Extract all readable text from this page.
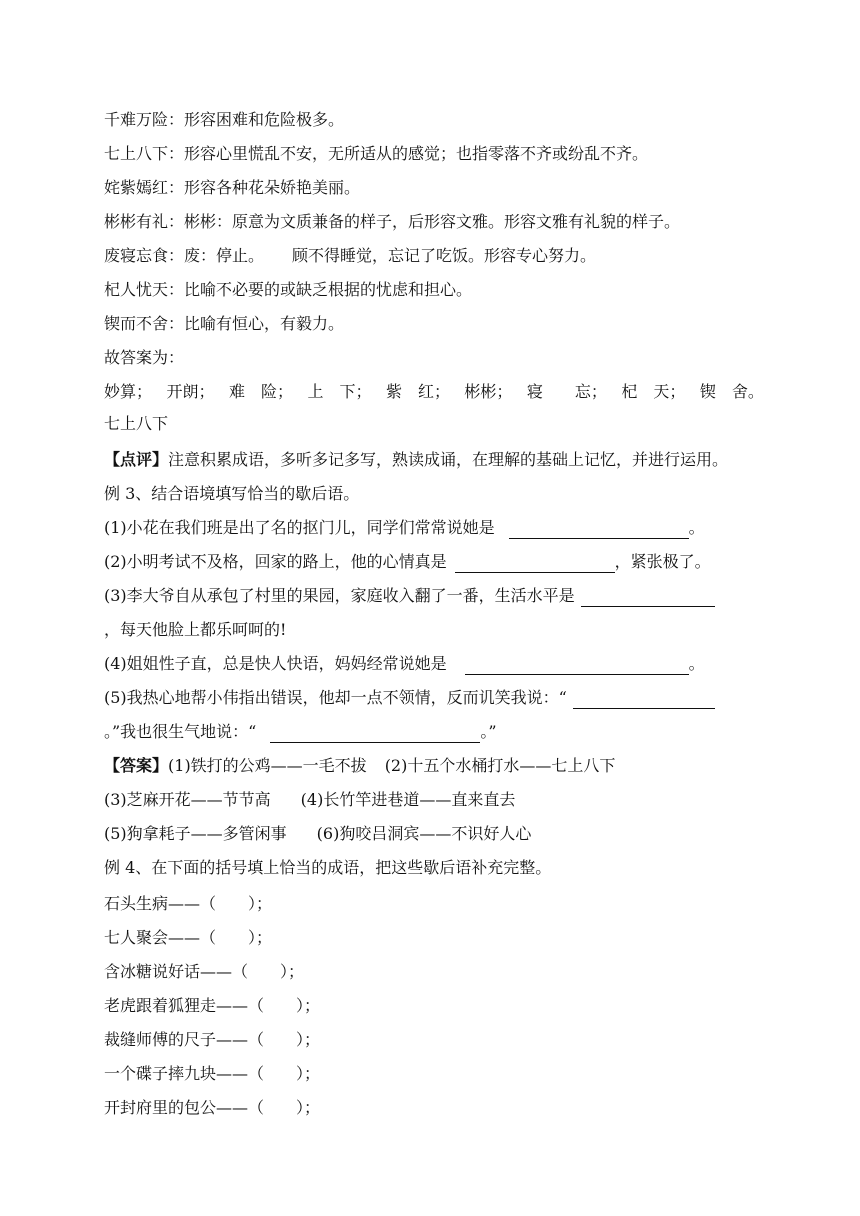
千难万险：形容困难和危险极多。
七上八下：形容心里慌乱不安，无所适从的感觉；也指零落不齐或纷乱不齐。
姹紫嫣红：形容各种花朵娇艳美丽。
彬彬有礼：彬彬：原意为文质兼备的样子，后形容文雅。形容文雅有礼貌的样子。
废寝忘食：废：停止。 顾不得睡觉，忘记了吃饭。形容专心努力。
杞人忧天：比喻不必要的或缺乏根据的忧虑和担心。
锲而不舍：比喻有恒心，有毅力。
故答案为：
妙算； 开朗； 难　险； 上　下； 紫　红； 彬彬； 寝　　忘； 杞　天； 锲　舍。
七上八下
【点评】注意积累成语，多听多记多写，熟读成诵，在理解的基础上记忆，并进行运用。
例 3、结合语境填写恰当的歇后语。
(1)小花在我们班是出了名的抠门儿，同学们常常说她是	。
(2)小明考试不及格，回家的路上，他的心情真是	，紧张极了。
(3)李大爷自从承包了村里的果园，家庭收入翻了一番，生活水平是
，每天他脸上都乐呵呵的!
(4)姐姐性子直，总是快人快语，妈妈经常说她是	。
(5)我热心地帮小伟指出错误，他却一点不领情，反而讥笑我说：“
。”我也很生气地说：“	。”
【答案】(1)铁打的公鸡——一毛不拔 (2)十五个水桶打水——七上八下
(3)芝麻开花——节节高 (4)长竹竿进巷道——直来直去
(5)狗拿耗子——多管闲事 (6)狗咬吕洞宾——不识好人心
例 4、在下面的括号填上恰当的成语，把这些歇后语补充完整。
石头生病——（　　）；
七人聚会——（　　）；
含冰糖说好话——（　　）；
老虎跟着狐狸走——（　　）；
裁缝师傅的尺子——（　　）；
一个碟子摔九块——（　　）；
开封府里的包公——（　　）；
